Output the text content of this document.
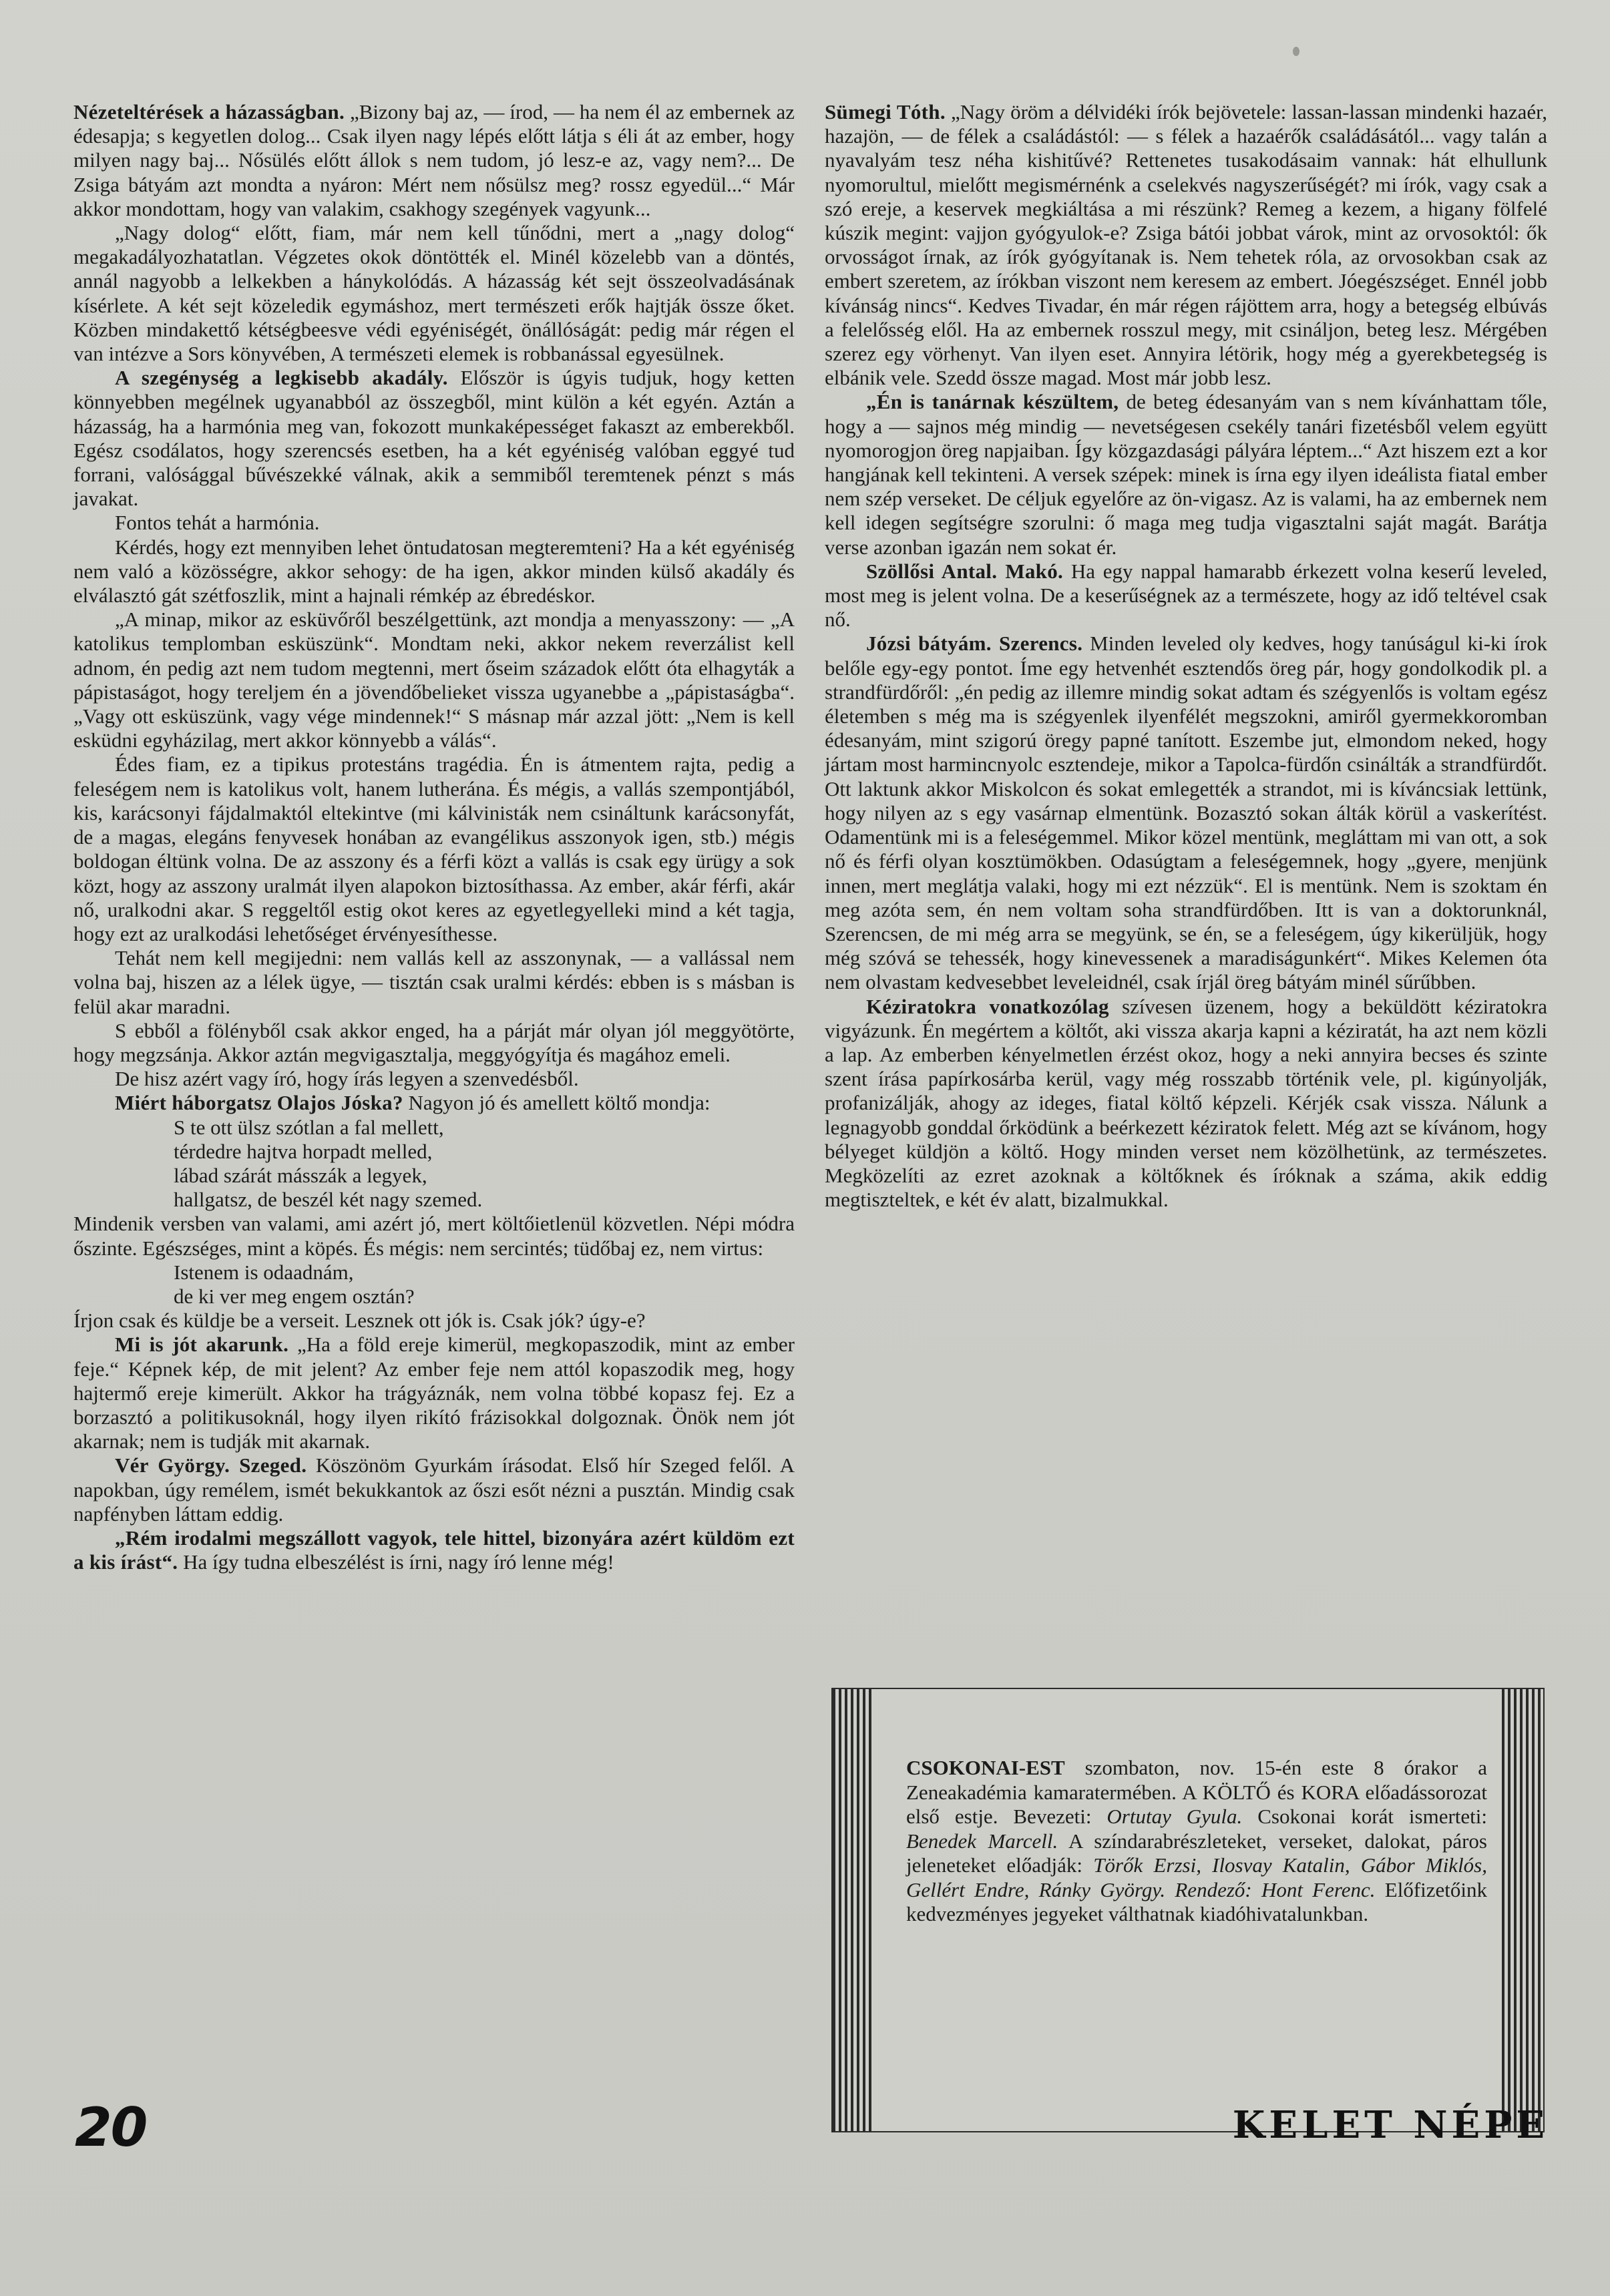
Nézeteltérések a házasságban. „Bizony baj az, — írod, — ha nem él az embernek az édesapja; s kegyetlen dolog... Csak ilyen nagy lépés előtt látja s éli át az ember, hogy milyen nagy baj... Nősülés előtt állok s nem tudom, jó lesz-e az, vagy nem?... De Zsiga bátyám azt mondta a nyáron: Mért nem nősülsz meg? rossz egyedül...“ Már akkor mondottam, hogy van valakim, csakhogy szegények vagyunk...

„Nagy dolog“ előtt, fiam, már nem kell tűnődni, mert a „nagy dolog“ megakadályozhatatlan. Végzetes okok döntötték el. Minél közelebb van a döntés, annál nagyobb a lelkekben a hánykolódás. A házasság két sejt összeolvadásának kísérlete. A két sejt közeledik egymáshoz, mert természeti erők hajtják össze őket. Közben mindakettő kétségbeesve védi egyéniségét, önállóságát: pedig már régen el van intézve a Sors könyvében, A természeti elemek is robbanással egyesülnek.

A szegénység a legkisebb akadály. Először is úgyis tudjuk, hogy ketten könnyebben megélnek ugyanabból az összegből, mint külön a két egyén. Aztán a házasság, ha a harmónia meg van, fokozott munkaképességet fakaszt az emberekből. Egész csodálatos, hogy szerencsés esetben, ha a két egyéniség valóban eggyé tud forrani, valósággal bűvészekké válnak, akik a semmiből teremtenek pénzt s más javakat.

Fontos tehát a harmónia.

Kérdés, hogy ezt mennyiben lehet öntudatosan megteremteni? Ha a két egyéniség nem való a közösségre, akkor sehogy: de ha igen, akkor minden külső akadály és elválasztó gát szétfoszlik, mint a hajnali rémkép az ébredéskor.

„A minap, mikor az esküvőről beszélgettünk, azt mondja a menyasszony: — „A katolikus templomban esküszünk“. Mondtam neki, akkor nekem reverzálist kell adnom, én pedig azt nem tudom megtenni, mert őseim századok előtt óta elhagyták a pápistaságot, hogy tereljem én a jövendőbelieket vissza ugyanebbe a „pápistaságba“. „Vagy ott esküszünk, vagy vége mindennek!“ S másnap már azzal jött: „Nem is kell esküdni egyházilag, mert akkor könnyebb a válás“.

Édes fiam, ez a tipikus protestáns tragédia. Én is átmentem rajta, pedig a feleségem nem is katolikus volt, hanem lutheránа. És mégis, a vallás szempontjából, kis, karácsonyi fájdalmaktól eltekintve (mi kálvinisták nem csináltunk karácsonyfát, de a magas, elegáns fenyvesek honában az evangélikus asszonyok igen, stb.) mégis boldogan éltünk volna. De az asszony és a férfi közt a vallás is csak egy ürügy a sok közt, hogy az asszony uralmát ilyen alapokon biztosíthassa. Az ember, akár férfi, akár nő, uralkodni akar. S reggeltől estig okot keres az egyetlegyelleki mind a két tagja, hogy ezt az uralkodási lehetőséget érvényesíthesse.

Tehát nem kell megijedni: nem vallás kell az asszonynak, — a vallással nem volna baj, hiszen az a lélek ügye, — tisztán csak uralmi kérdés: ebben is s másban is felül akar maradni.

S ebből a fölényből csak akkor enged, ha a párját már olyan jól meggyötörte, hogy megzsánja. Akkor aztán megvigasztalja, meggyógyítja és magához emeli.

De hisz azért vagy író, hogy írás legyen a szenvedésből.

Miért háborgatsz Olajos Jóska? Nagyon jó és amellett költő mondja:

S te ott ülsz szótlan a fal mellett,
térdedre hajtva horpadt melled,
lábad szárát másszák a legyek,
hallgatsz, de beszél két nagy szemed.

Mindenik versben van valami, ami azért jó, mert költőietlenül közvetlen. Népi módra őszinte. Egészséges, mint a köpés. És mégis: nem sercintés; tüdőbaj ez, nem virtus:

Istenem is odaadnám,
de ki ver meg engem osztán?

Írjon csak és küldje be a verseit. Lesznek ott jók is. Csak jók? úgy-e?

Mi is jót akarunk. „Ha a föld ereje kimerül, megkopaszodik, mint az ember feje.“ Képnek kép, de mit jelent? Az ember feje nem attól kopaszodik meg, hogy hajtermő ereje kimerült. Akkor ha trágyáznák, nem volna többé kopasz fej. Ez a borzasztó a politikusoknál, hogy ilyen rikító frázisokkal dolgoznak. Önök nem jót akarnak; nem is tudják mit akarnak.

Vér György. Szeged. Köszönöm Gyurkám írásodat. Első hír Szeged felől. A napokban, úgy remélem, ismét bekukkantok az őszi esőt nézni a pusztán. Mindig csak napfényben láttam eddig.

„Rém irodalmi megszállott vagyok, tele hittel, bizonyára azért küldöm ezt a kis írást“. Ha így tudna elbeszélést is írni, nagy író lenne még!

Sümegi Tóth. „Nagy öröm a délvidéki írók bejövetele: lassan-lassan mindenki hazaér, hazajön, — de félek a családástól: — s félek a hazaérők családásától... vagy talán a nyavalyám tesz néha kishitűvé? Rettenetes tusakodásaim vannak: hát elhullunk nyomorultul, mielőtt megismérnénk a cselekvés nagyszerűségét? mi írók, vagy csak a szó ereje, a keservek megkiáltása a mi részünk? Remeg a kezem, a higany fölfelé kúszik megint: vajjon gyógyulok-e? Zsiga bátói jobbat várok, mint az orvosoktól: ők orvosságot írnak, az írók gyógyítanak is. Nem tehetek róla, az orvosokban csak az embert szeretem, az írókban viszont nem keresem az embert. Jóegészséget. Ennél jobb kívánság nincs“. Kedves Tivadar, én már régen rájöttem arra, hogy a betegség elbúvás a felelősség elől. Ha az embernek rosszul megy, mit csináljon, beteg lesz. Mérgében szerez egy vörhenyt. Van ilyen eset. Annyira létörik, hogy még a gyerekbetegség is elbánik vele. Szedd össze magad. Most már jobb lesz.

„Én is tanárnak készültem, de beteg édesanyám van s nem kívánhattam tőle, hogy a — sajnos még mindig — nevetségesen csekély tanári fizetésből velem együtt nyomorogjon öreg napjaiban. Így közgazdasági pályára léptem...“ Azt hiszem ezt a kor hangjának kell tekinteni. A versek szépek: minek is írna egy ilyen ideálista fiatal ember nem szép verseket. De céljuk egyelőre az ön-vigasz. Az is valami, ha az embernek nem kell idegen segítségre szorulni: ő maga meg tudja vigasztalni saját magát. Barátja verse azonban igazán nem sokat ér.

Szöllősi Antal. Makó. Ha egy nappal hamarabb érkezett volna keserű leveled, most meg is jelent volna. De a keserűségnek az a természete, hogy az idő teltével csak nő.

Józsi bátyám. Szerencs. Minden leveled oly kedves, hogy tanúságul ki-ki írok belőle egy-egy pontot. Íme egy hetvenhét esztendős öreg pár, hogy gondolkodik pl. a strandfürdőről: „én pedig az illemre mindig sokat adtam és szégyenlős is voltam egész életemben s még ma is szégyenlek ilyenfélét megszokni, amiről gyermekkoromban édesanyám, mint szigorú öregy papné tanított. Eszembe jut, elmondom neked, hogy jártam most harmincnyolc esztendeje, mikor a Tapolca-fürdőn csinálták a strandfürdőt. Ott laktunk akkor Miskolcon és sokat emlegették a strandot, mi is kíváncsiak lettünk, hogy nilyen az s egy vasárnap elmentünk. Bozasztó sokan álták körül a vaskerítést. Odamentünk mi is a feleségemmel. Mikor közel mentünk, megláttam mi van ott, a sok nő és férfi olyan kosztümökben. Odasúgtam a feleségemnek, hogy „gyere, menjünk innen, mert meglátja valaki, hogy mi ezt nézzük“. El is mentünk. Nem is szoktam én meg azóta sem, én nem voltam soha strandfürdőben. Itt is van a doktorunknál, Szerencsen, de mi még arra se megyünk, se én, se a feleségem, úgy kikerüljük, hogy még szóvá se tehessék, hogy kinevessenek a maradiságunkért“. Mikes Kelemen óta nem olvastam kedvesebbet leveleidnél, csak írjál öreg bátyám minél sűrűbben.

Kéziratokra vonatkozólag szívesen üzenem, hogy a beküldött kéziratokra vigyázunk. Én megértem a költőt, aki vissza akarja kapni a kéziratát, ha azt nem közli a lap. Az emberben kényelmetlen érzést okoz, hogy a neki annyira becses és szinte szent írása papírkosárba kerül, vagy még rosszabb történik vele, pl. kigúnyolják, profanizálják, ahogy az ideges, fiatal költő képzeli. Kérjék csak vissza. Nálunk a legnagyobb gonddal őrködünk a beérkezett kéziratok felett. Még azt se kívánom, hogy bélyeget küldjön a költő. Hogy minden verset nem közölhetünk, az természetes. Megközelíti az ezret azoknak a költőknek és íróknak a száma, akik eddig megtiszteltek, e két év alatt, bizalmukkal.

CSOKONAI-EST szombaton, nov. 15-én este 8 órakor a Zeneakadémia kamaratermében. A KÖLTŐ és KORA előadássorozat első estje. Bevezeti: Ortutay Gyula. Csokonai korát ismerteti: Benedek Marcell. A színdarabrészleteket, verseket, dalokat, páros jeleneteket előadják: Törők Erzsi, Ilosvay Katalin, Gábor Miklós, Gellért Endre, Ránky György. Rendező: Hont Ferenc. Előfizetőink kedvezményes jegyeket válthatnak kiadóhivatalunkban.

20	KELET NÉPE
